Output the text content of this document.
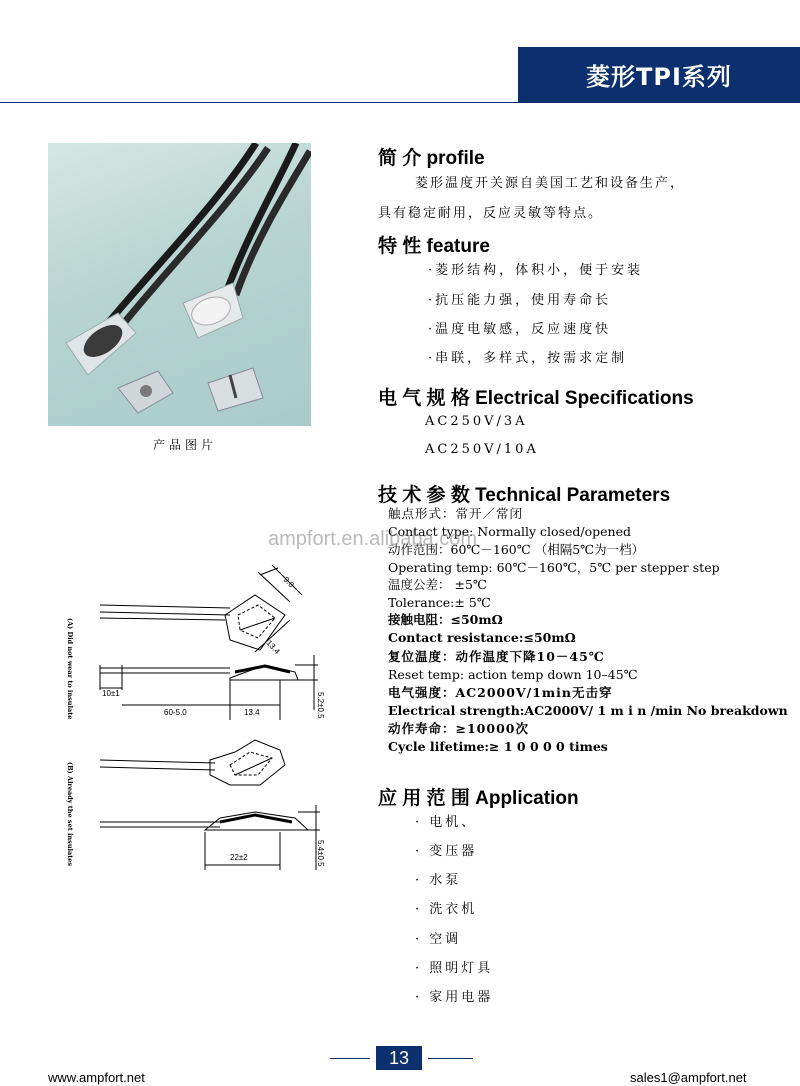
菱形TPI系列
产品图片
简 介 profile
菱形温度开关源自美国工艺和设备生产，
具有稳定耐用，反应灵敏等特点。
特 性 feature
·菱形结构，体积小，便于安装
·抗压能力强，使用寿命长
·温度电敏感，反应速度快
·串联，多样式，按需求定制
电 气 规 格 Electrical Specifications
AC250V/3A
AC250V/10A
技 术 参 数 Technical Parameters
触点形式：常开／常闭
Contact type: Normally closed/opened
动作范围：60℃－160℃ （相隔5℃为一档）
Operating temp: 60℃－160℃，5℃ per stepper step
温度公差： ±5℃
Tolerance:± 5℃
接触电阻：≤50mΩ
Contact resistance:≤50mΩ
复位温度：动作温度下降10－45℃
Reset temp: action temp down 10–45℃
电气强度：AC2000V/1min无击穿
Electrical strength:AC2000V/ 1 m i n /min No breakdown
动作寿命：≥10000次
Cycle lifetime:≥ 1 0 0 0 0 times
ampfort.en.alibaba.com
应 用 范 围 Application
· 电机、
· 变压器
· 水泵
· 洗衣机
· 空调
· 照明灯具
· 家用电器
(A) Did not wear to insulate
(B) Already the set insulates
9.0
13.4
10±1
60-5.0	13.4	5.2±0.5
22±2	5.4±0.5
13
www.ampfort.net	sales1@ampfort.net
